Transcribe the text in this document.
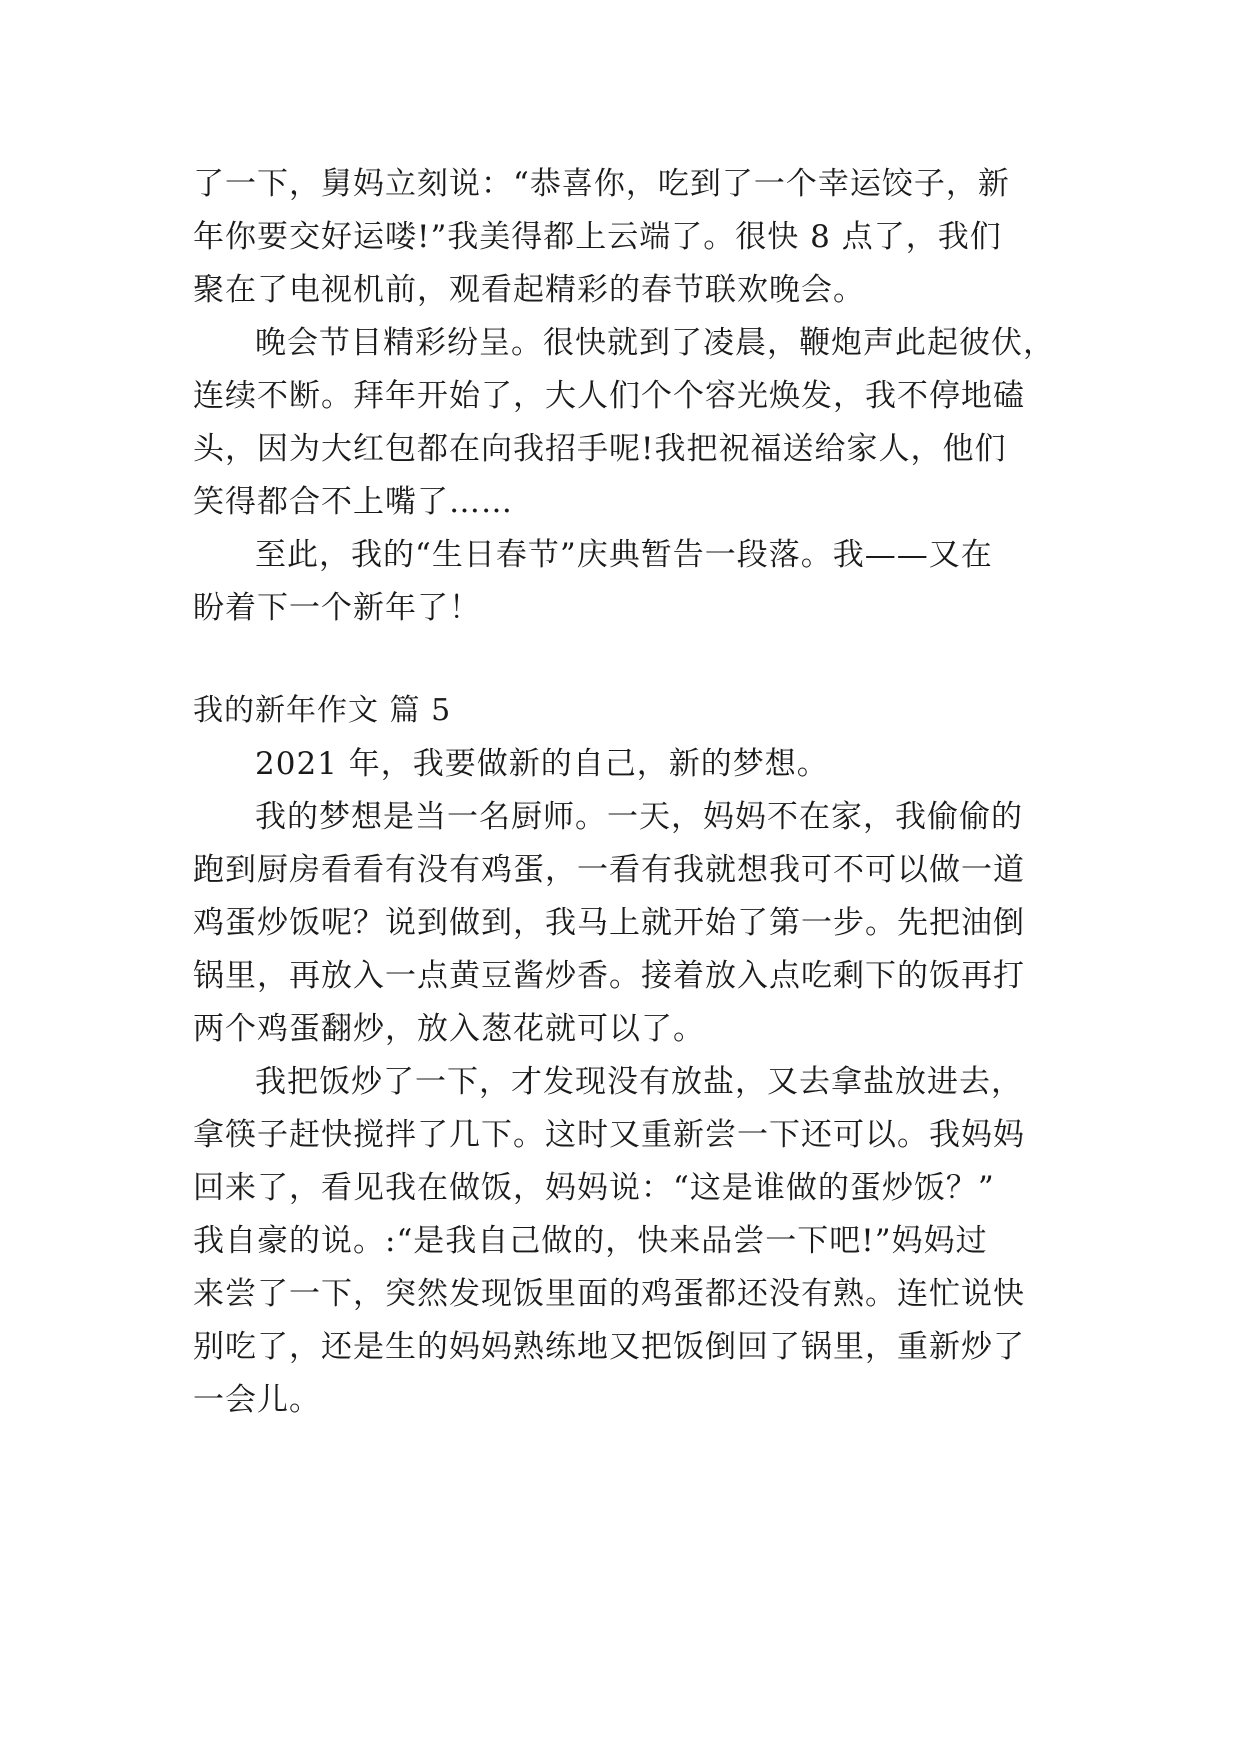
了一下，舅妈立刻说：“恭喜你，吃到了一个幸运饺子，新
年你要交好运喽!”我美得都上云端了。很快 8 点了，我们
聚在了电视机前，观看起精彩的春节联欢晚会。
晚会节目精彩纷呈。很快就到了凌晨，鞭炮声此起彼伏，
连续不断。拜年开始了，大人们个个容光焕发，我不停地磕
头，因为大红包都在向我招手呢!我把祝福送给家人，他们
笑得都合不上嘴了……
至此，我的“生日春节”庆典暂告一段落。我——又在
盼着下一个新年了！
我的新年作文 篇 5
2021 年，我要做新的自己，新的梦想。
我的梦想是当一名厨师。一天，妈妈不在家，我偷偷的
跑到厨房看看有没有鸡蛋，一看有我就想我可不可以做一道
鸡蛋炒饭呢？说到做到，我马上就开始了第一步。先把油倒
锅里，再放入一点黄豆酱炒香。接着放入点吃剩下的饭再打
两个鸡蛋翻炒，放入葱花就可以了。
我把饭炒了一下，才发现没有放盐，又去拿盐放进去，
拿筷子赶快搅拌了几下。这时又重新尝一下还可以。我妈妈
回来了，看见我在做饭，妈妈说：“这是谁做的蛋炒饭？”
我自豪的说。:“是我自己做的，快来品尝一下吧!”妈妈过
来尝了一下，突然发现饭里面的鸡蛋都还没有熟。连忙说快
别吃了，还是生的妈妈熟练地又把饭倒回了锅里，重新炒了
一会儿。
